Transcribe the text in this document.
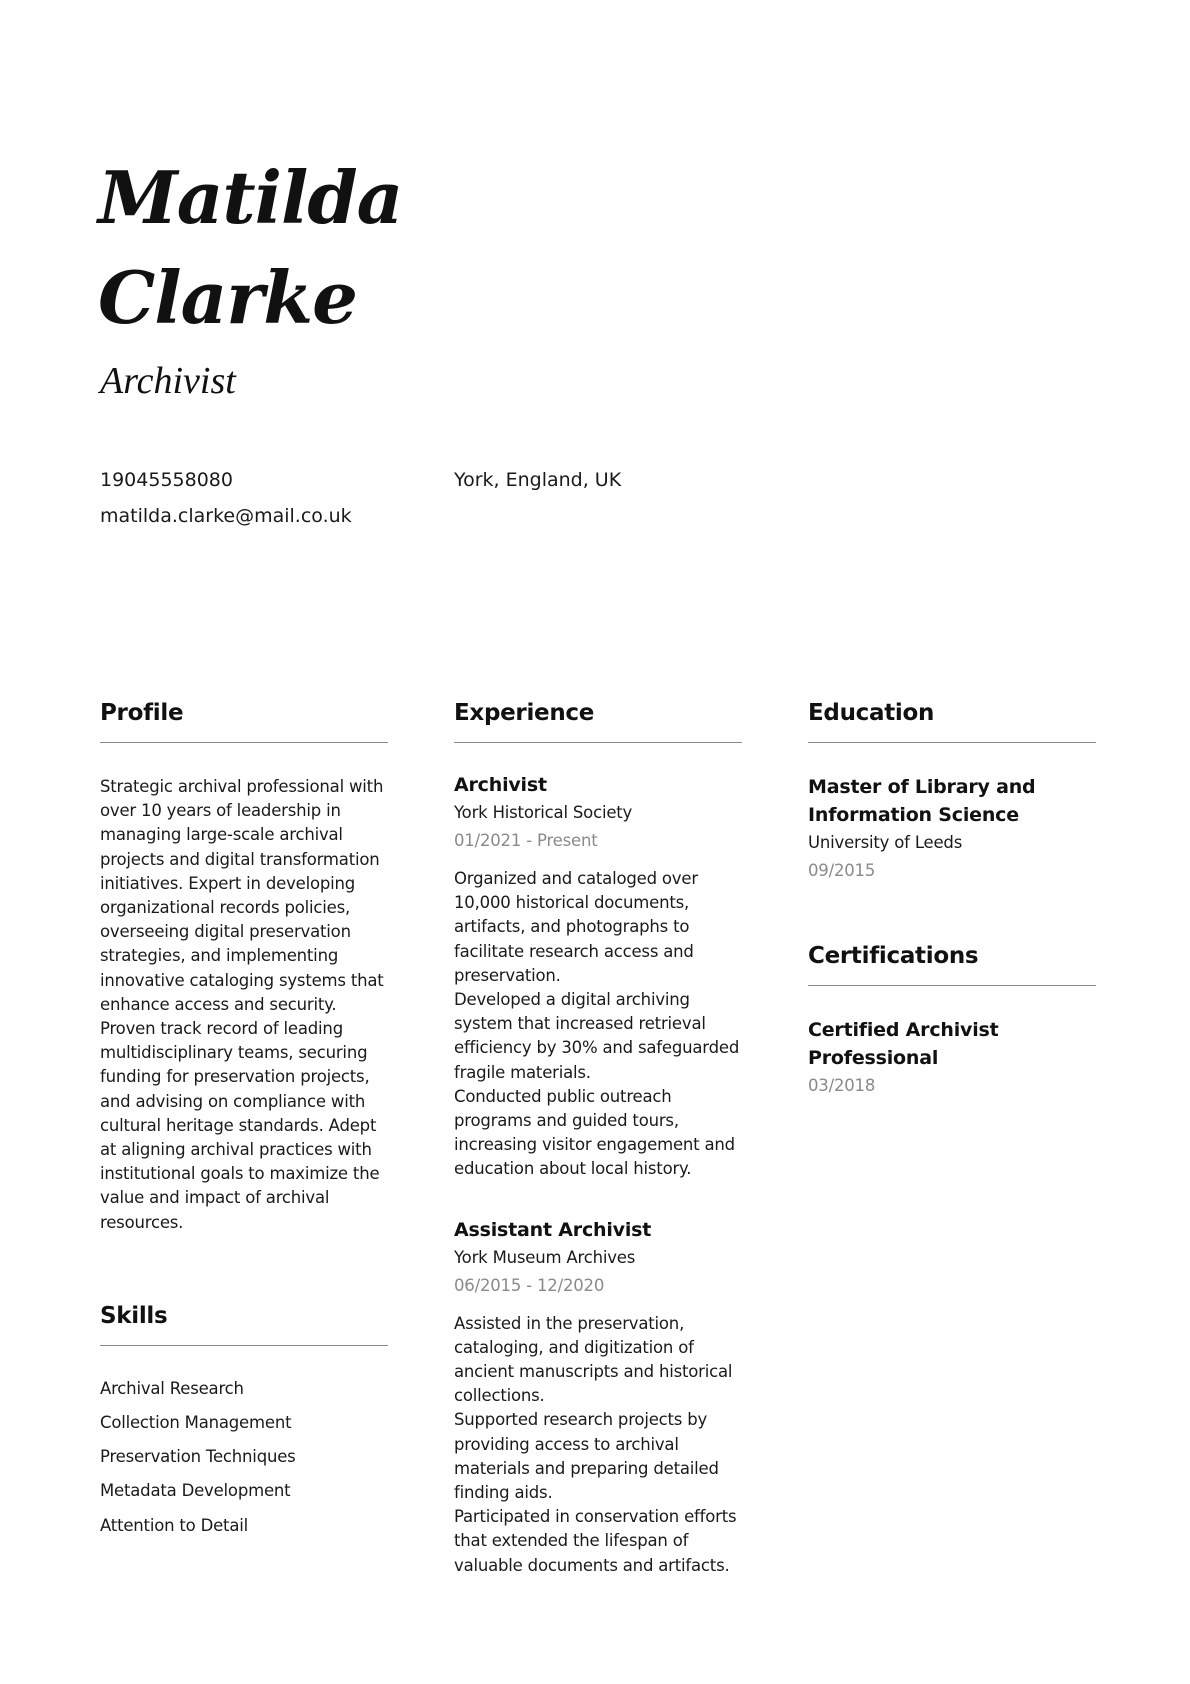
Matilda
Clarke
Archivist
19045558080
matilda.clarke@mail.co.uk
York, England, UK
Profile

Strategic archival professional with over 10 years of leadership in managing large-scale archival projects and digital transformation initiatives. Expert in developing organizational records policies, overseeing digital preservation strategies, and implementing innovative cataloging systems that enhance access and security. Proven track record of leading multidisciplinary teams, securing funding for preservation projects, and advising on compliance with cultural heritage standards. Adept at aligning archival practices with institutional goals to maximize the value and impact of archival resources.

Skills
Archival Research
Collection Management
Preservation Techniques
Metadata Development
Attention to Detail
Experience
Archivist
York Historical Society
01/2021 - Present

Organized and cataloged over 10,000 historical documents, artifacts, and photographs to facilitate research access and preservation.

Developed a digital archiving system that increased retrieval efficiency by 30% and safeguarded fragile materials.

Conducted public outreach programs and guided tours, increasing visitor engagement and education about local history.

Assistant Archivist
York Museum Archives
06/2015 - 12/2020

Assisted in the preservation, cataloging, and digitization of ancient manuscripts and historical collections.

Supported research projects by providing access to archival materials and preparing detailed finding aids.

Participated in conservation efforts that extended the lifespan of valuable documents and artifacts.

Education
Master of Library and Information Science
University of Leeds
09/2015
Certifications
Certified Archivist Professional
03/2018
